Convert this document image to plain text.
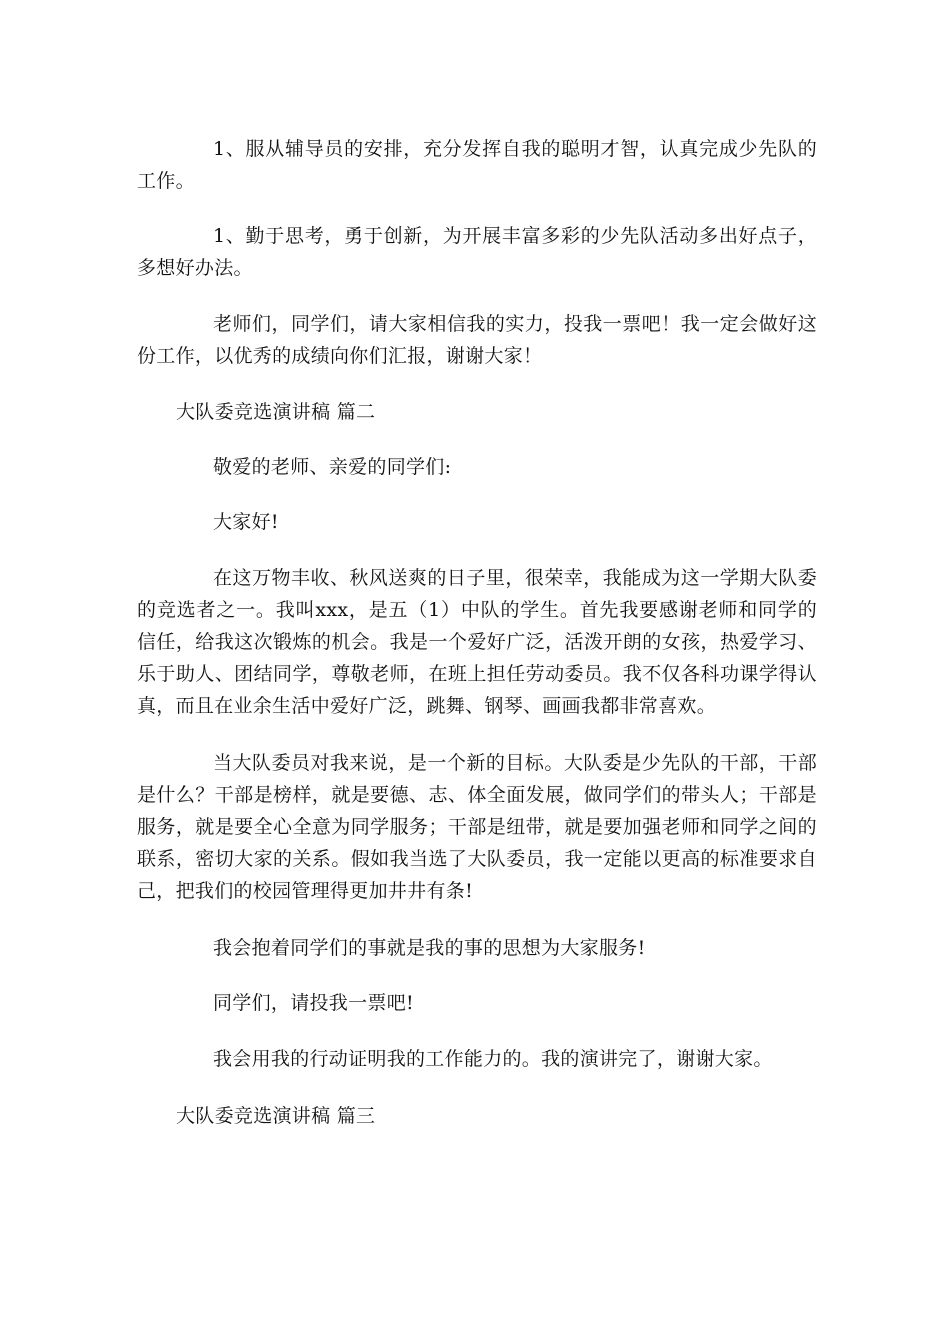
1、服从辅导员的安排，充分发挥自我的聪明才智，认真完成少先队的工作。

1、勤于思考，勇于创新，为开展丰富多彩的少先队活动多出好点子，多想好办法。

老师们，同学们，请大家相信我的实力，投我一票吧！我一定会做好这份工作，以优秀的成绩向你们汇报，谢谢大家！

大队委竞选演讲稿 篇二

敬爱的老师、亲爱的同学们:

大家好!

在这万物丰收、秋风送爽的日子里，很荣幸，我能成为这一学期大队委的竞选者之一。我叫xxx，是五（1）中队的学生。首先我要感谢老师和同学的信任，给我这次锻炼的机会。我是一个爱好广泛，活泼开朗的女孩，热爱学习、乐于助人、团结同学，尊敬老师，在班上担任劳动委员。我不仅各科功课学得认真，而且在业余生活中爱好广泛，跳舞、钢琴、画画我都非常喜欢。

当大队委员对我来说，是一个新的目标。大队委是少先队的干部，干部是什么？干部是榜样，就是要德、志、体全面发展，做同学们的带头人；干部是服务，就是要全心全意为同学服务；干部是纽带，就是要加强老师和同学之间的联系，密切大家的关系。假如我当选了大队委员，我一定能以更高的标准要求自己，把我们的校园管理得更加井井有条!

我会抱着同学们的事就是我的事的思想为大家服务!

同学们，请投我一票吧!

我会用我的行动证明我的工作能力的。我的演讲完了，谢谢大家。

大队委竞选演讲稿 篇三
